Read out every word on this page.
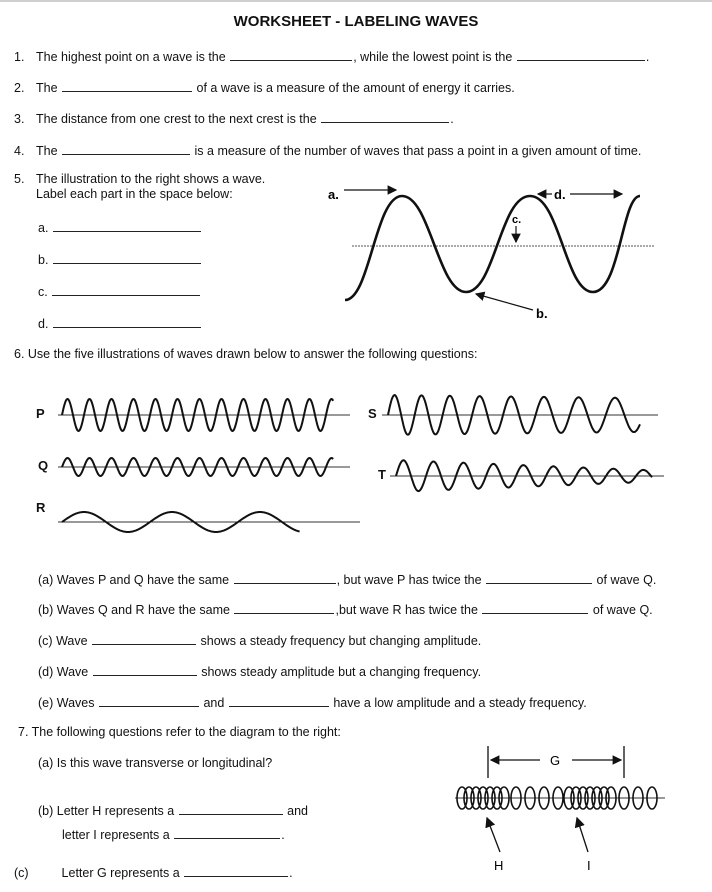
WORKSHEET - LABELING WAVES
1. The highest point on a wave is the	, while the lowest point is the	.
2. The	of a wave is a measure of the amount of energy it carries.
3. The distance from one crest to the next crest is the	.
4. The	is a measure of the number of waves that pass a point in a given amount of time.
5. The illustration to the right shows a wave.
Label each part in the space below:
a.
b.
c.
d.
a.	d.
c.
b.
6. Use the five illustrations of waves drawn below to answer the following questions:
P
Q
R
S
T
(a) Waves P and Q have the same	, but wave P has twice the	of wave Q.
(b) Waves Q and R have the same	,but wave R has twice the	of wave Q.
(c) Wave	shows a steady frequency but changing amplitude.
(d) Wave	shows steady amplitude but a changing frequency.
(e) Waves	and	have a low amplitude and a steady frequency.
7. The following questions refer to the diagram to the right:
(a) Is this wave transverse or longitudinal?
(b) Letter H represents a	and
letter I represents a	.
(c)	Letter G represents a	.
G
H	I
